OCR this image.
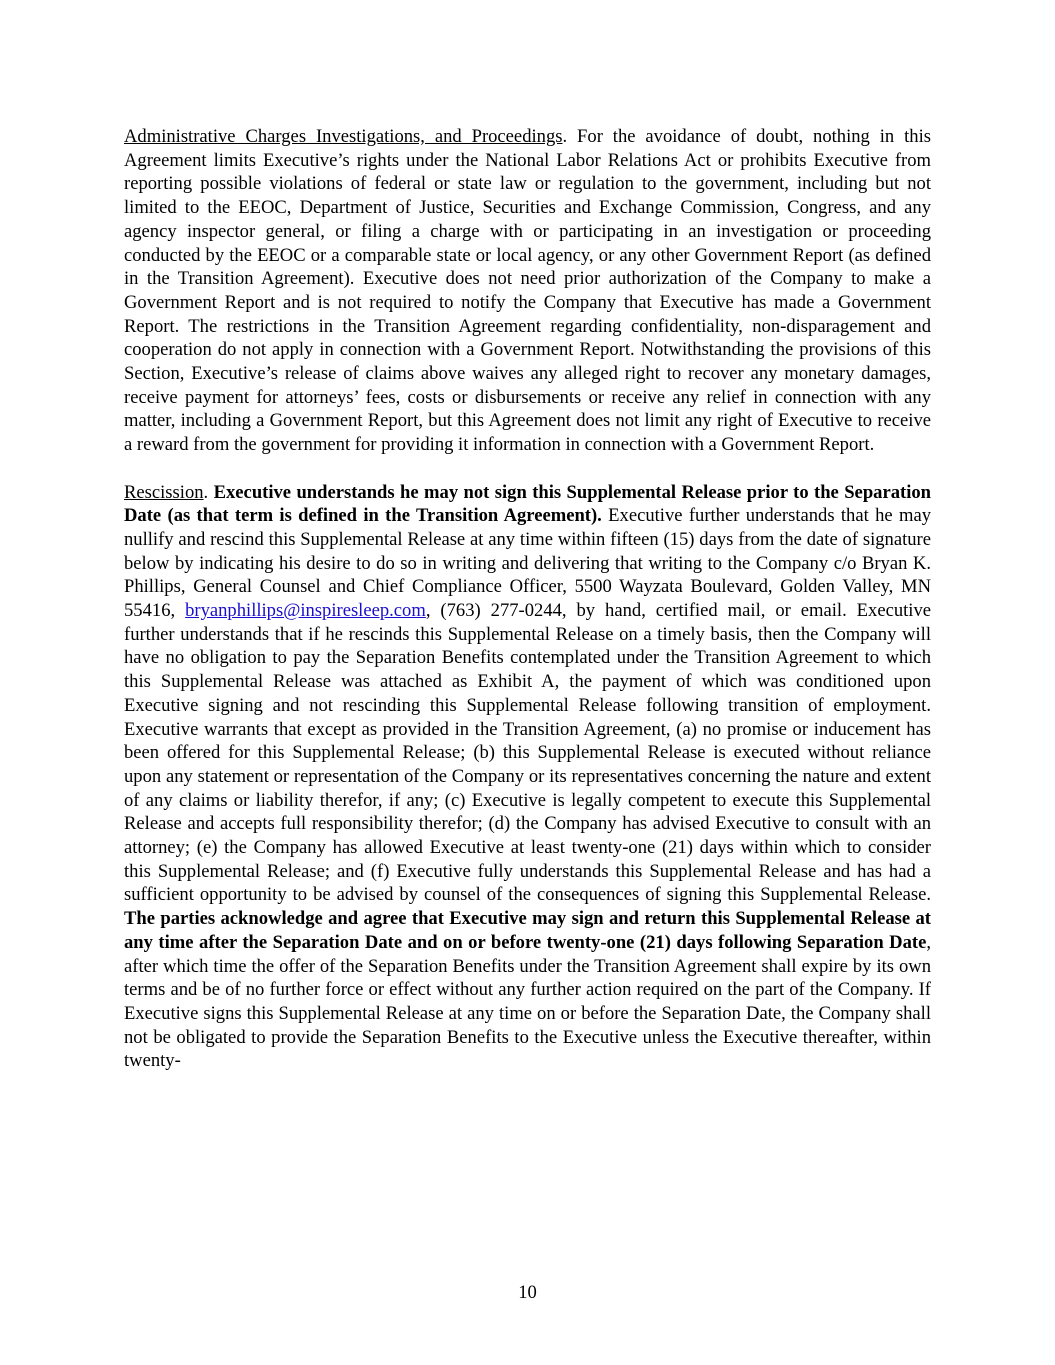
Administrative Charges Investigations, and Proceedings. For the avoidance of doubt, nothing in this Agreement limits Executive’s rights under the National Labor Relations Act or prohibits Executive from reporting possible violations of federal or state law or regulation to the government, including but not limited to the EEOC, Department of Justice, Securities and Exchange Commission, Congress, and any agency inspector general, or filing a charge with or participating in an investigation or proceeding conducted by the EEOC or a comparable state or local agency, or any other Government Report (as defined in the Transition Agreement). Executive does not need prior authorization of the Company to make a Government Report and is not required to notify the Company that Executive has made a Government Report. The restrictions in the Transition Agreement regarding confidentiality, non-disparagement and cooperation do not apply in connection with a Government Report. Notwithstanding the provisions of this Section, Executive’s release of claims above waives any alleged right to recover any monetary damages, receive payment for attorneys’ fees, costs or disbursements or receive any relief in connection with any matter, including a Government Report, but this Agreement does not limit any right of Executive to receive a reward from the government for providing it information in connection with a Government Report.

Rescission. Executive understands he may not sign this Supplemental Release prior to the Separation Date (as that term is defined in the Transition Agreement). Executive further understands that he may nullify and rescind this Supplemental Release at any time within fifteen (15) days from the date of signature below by indicating his desire to do so in writing and delivering that writing to the Company c/o Bryan K. Phillips, General Counsel and Chief Compliance Officer, 5500 Wayzata Boulevard, Golden Valley, MN 55416, bryanphillips@inspiresleep.com, (763) 277-0244, by hand, certified mail, or email. Executive further understands that if he rescinds this Supplemental Release on a timely basis, then the Company will have no obligation to pay the Separation Benefits contemplated under the Transition Agreement to which this Supplemental Release was attached as Exhibit A, the payment of which was conditioned upon Executive signing and not rescinding this Supplemental Release following transition of employment. Executive warrants that except as provided in the Transition Agreement, (a) no promise or inducement has been offered for this Supplemental Release; (b) this Supplemental Release is executed without reliance upon any statement or representation of the Company or its representatives concerning the nature and extent of any claims or liability therefor, if any; (c) Executive is legally competent to execute this Supplemental Release and accepts full responsibility therefor; (d) the Company has advised Executive to consult with an attorney; (e) the Company has allowed Executive at least twenty-one (21) days within which to consider this Supplemental Release; and (f) Executive fully understands this Supplemental Release and has had a sufficient opportunity to be advised by counsel of the consequences of signing this Supplemental Release. The parties acknowledge and agree that Executive may sign and return this Supplemental Release at any time after the Separation Date and on or before twenty-one (21) days following Separation Date, after which time the offer of the Separation Benefits under the Transition Agreement shall expire by its own terms and be of no further force or effect without any further action required on the part of the Company. If Executive signs this Supplemental Release at any time on or before the Separation Date, the Company shall not be obligated to provide the Separation Benefits to the Executive unless the Executive thereafter, within twenty-

10
